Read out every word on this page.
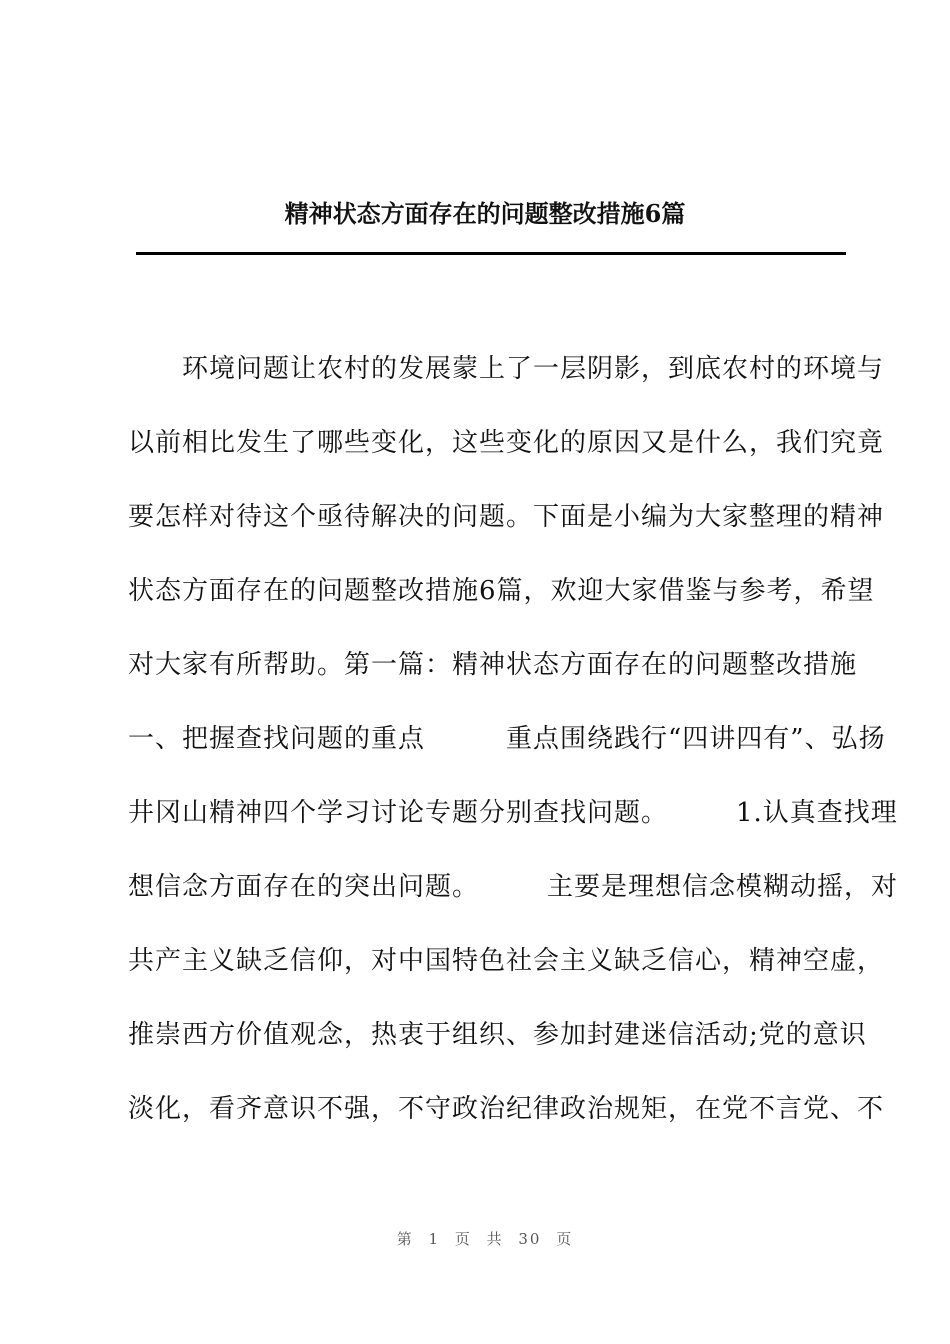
精神状态方面存在的问题整改措施6篇
　　环境问题让农村的发展蒙上了一层阴影，到底农村的环境与
以前相比发生了哪些变化，这些变化的原因又是什么，我们究竟
要怎样对待这个亟待解决的问题。下面是小编为大家整理的精神
状态方面存在的问题整改措施6篇，欢迎大家借鉴与参考，希望
对大家有所帮助。第一篇：精神状态方面存在的问题整改措施
一、把握查找问题的重点　　　重点围绕践行“四讲四有”、弘扬
井冈山精神四个学习讨论专题分别查找问题。　　　1.认真查找理
想信念方面存在的突出问题。　　　主要是理想信念模糊动摇，对
共产主义缺乏信仰，对中国特色社会主义缺乏信心，精神空虚，
推崇西方价值观念，热衷于组织、参加封建迷信活动;党的意识
淡化，看齐意识不强，不守政治纪律政治规矩，在党不言党、不
第 1 页 共 30 页
